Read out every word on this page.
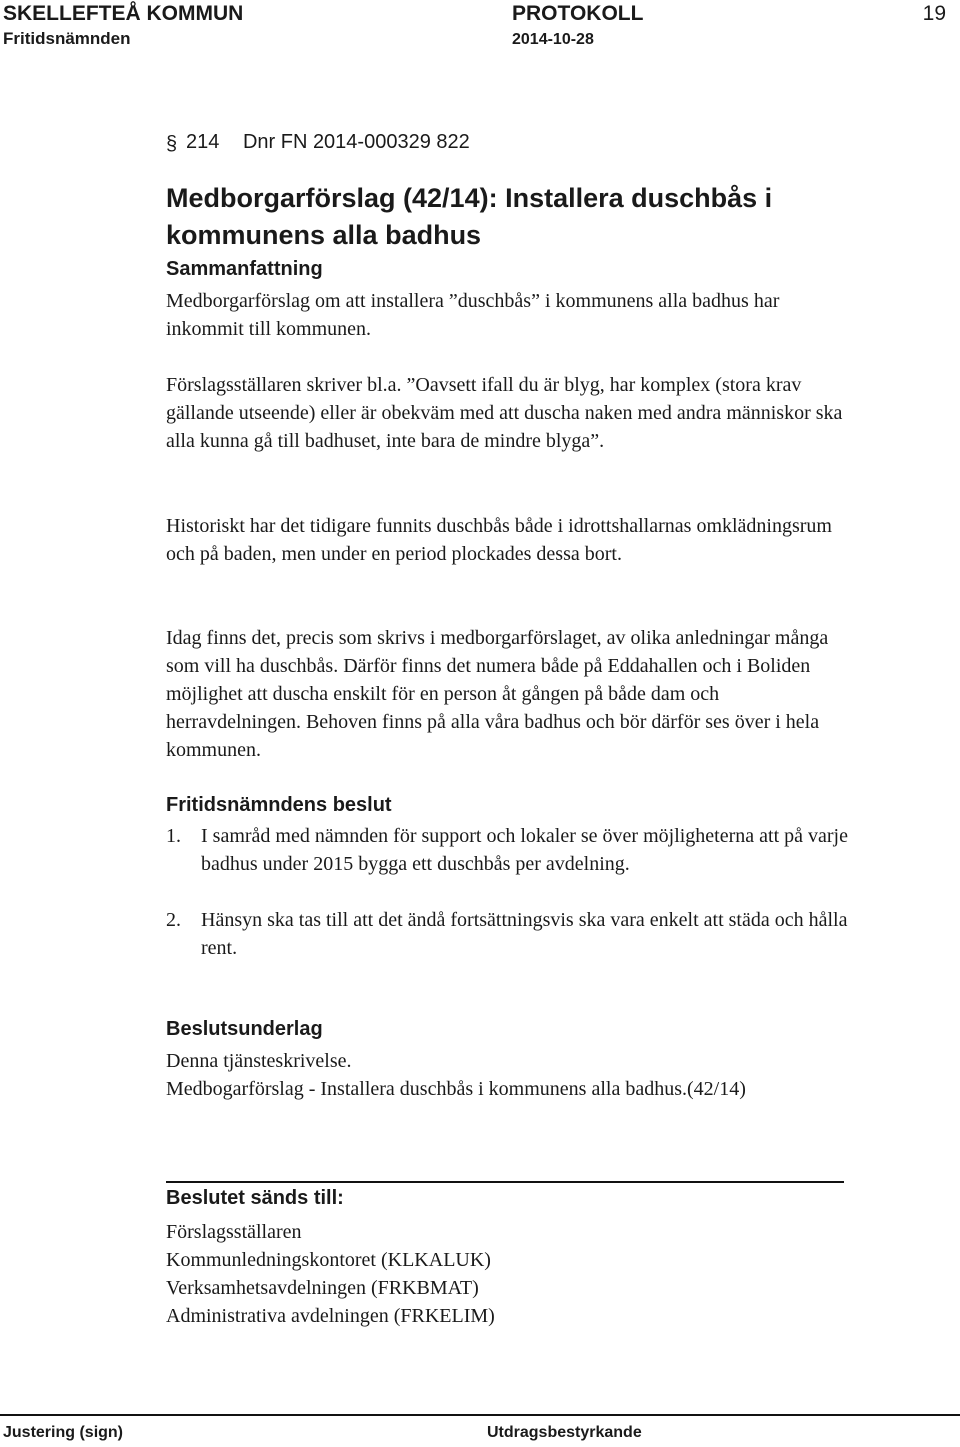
SKELLEFTEÅ KOMMUN
Fritidsnämnden
PROTOKOLL
2014-10-28
19
§ 214 Dnr FN 2014-000329 822
Medborgarförslag (42/14): Installera duschbås i kommunens alla badhus
Sammanfattning

Medborgarförslag om att installera ”duschbås” i kommunens alla badhus har inkommit till kommunen.

Förslagsställaren skriver bl.a. ”Oavsett ifall du är blyg, har komplex (stora krav gällande utseende) eller är obekväm med att duscha naken med andra människor ska alla kunna gå till badhuset, inte bara de mindre blyga”.

Historiskt har det tidigare funnits duschbås både i idrottshallarnas omklädningsrum och på baden, men under en period plockades dessa bort.

Idag finns det, precis som skrivs i medborgarförslaget, av olika anledningar många som vill ha duschbås. Därför finns det numera både på Eddahallen och i Boliden möjlighet att duscha enskilt för en person åt gången på både dam och herravdelningen. Behoven finns på alla våra badhus och bör därför ses över i hela kommunen.

Fritidsnämndens beslut
1. I samråd med nämnden för support och lokaler se över möjligheterna att på varje badhus under 2015 bygga ett duschbås per avdelning.
2. Hänsyn ska tas till att det ändå fortsättningsvis ska vara enkelt att städa och hålla rent.
Beslutsunderlag

Denna tjänsteskrivelse.

Medbogarförslag - Installera duschbås i kommunens alla badhus.(42/14)

Beslutet sänds till:
Förslagsställaren
Kommunledningskontoret (KLKALUK)
Verksamhetsavdelningen (FRKBMAT)
Administrativa avdelningen (FRKELIM)
Justering (sign)	Utdragsbestyrkande
